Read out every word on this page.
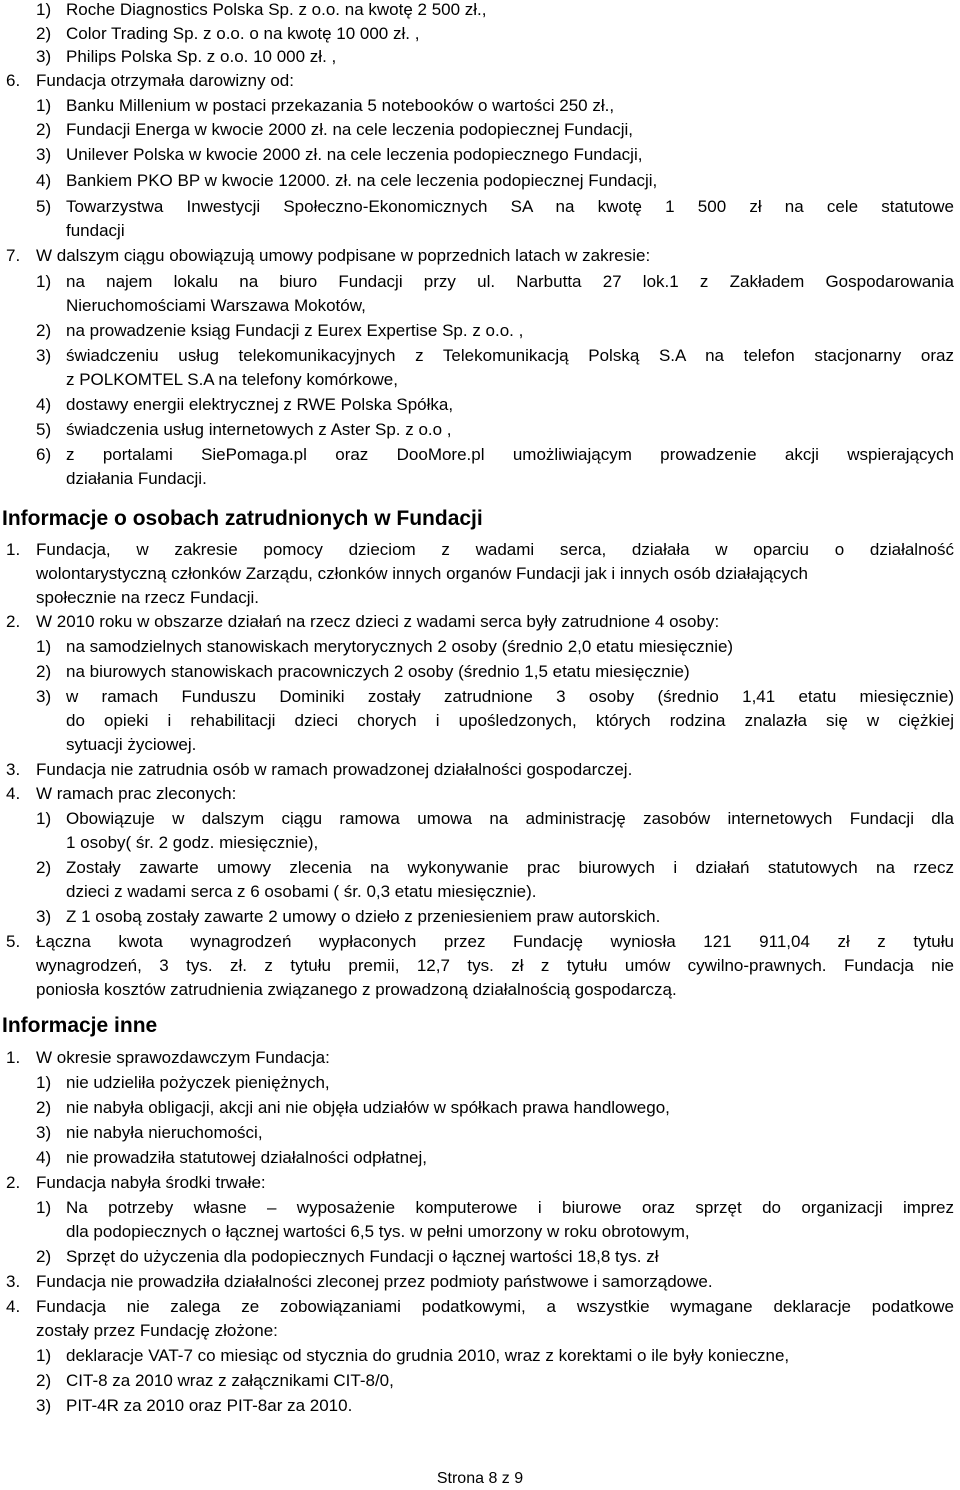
1) Roche Diagnostics Polska Sp. z o.o. na kwotę 2 500 zł.,
2) Color Trading Sp. z o.o. o na kwotę 10 000 zł. ,
3) Philips Polska Sp. z o.o. 10 000 zł. ,
6. Fundacja otrzymała darowizny od:
1) Banku Millenium w postaci przekazania 5 notebooków o wartości 250 zł.,
2) Fundacji Energa w kwocie 2000 zł. na cele leczenia podopiecznej Fundacji,
3) Unilever Polska w kwocie 2000 zł. na cele leczenia podopiecznego Fundacji,
4) Bankiem PKO BP w kwocie 12000. zł. na cele leczenia podopiecznej Fundacji,
5) Towarzystwa Inwestycji Społeczno-Ekonomicznych SA na kwotę 1 500 zł na cele statutowe
fundacji
7. W dalszym ciągu obowiązują umowy podpisane w poprzednich latach w zakresie:
1) na najem lokalu na biuro Fundacji przy ul. Narbutta 27 lok.1 z Zakładem Gospodarowania
Nieruchomościami Warszawa Mokotów,
2) na prowadzenie ksiąg Fundacji z Eurex Expertise Sp. z o.o. ,
3) świadczeniu usług telekomunikacyjnych z Telekomunikacją Polską S.A na telefon stacjonarny oraz
z POLKOMTEL S.A na telefony komórkowe,
4) dostawy energii elektrycznej z RWE Polska Spółka,
5) świadczenia usług internetowych z Aster Sp. z o.o ,
6) z portalami SiePomaga.pl oraz DooMore.pl umożliwiającym prowadzenie akcji wspierających
działania Fundacji.
Informacje o osobach zatrudnionych w Fundacji
1. Fundacja, w zakresie pomocy dzieciom z wadami serca, działała w oparciu o działalność
wolontarystyczną członków Zarządu, członków innych organów Fundacji jak i innych osób działających
społecznie na rzecz Fundacji.
2. W 2010 roku w obszarze działań na rzecz dzieci z wadami serca były zatrudnione 4 osoby:
1) na samodzielnych stanowiskach merytorycznych 2 osoby (średnio 2,0 etatu miesięcznie)
2) na biurowych stanowiskach pracowniczych 2 osoby (średnio 1,5 etatu miesięcznie)
3) w ramach Funduszu Dominiki zostały zatrudnione 3 osoby (średnio 1,41 etatu miesięcznie)
do opieki i rehabilitacji dzieci chorych i upośledzonych, których rodzina znalazła się w ciężkiej
sytuacji życiowej.
3. Fundacja nie zatrudnia osób w ramach prowadzonej działalności gospodarczej.
4. W ramach prac zleconych:
1) Obowiązuje w dalszym ciągu ramowa umowa na administrację zasobów internetowych Fundacji dla
1 osoby( śr. 2 godz. miesięcznie),
2) Zostały zawarte umowy zlecenia na wykonywanie prac biurowych i działań statutowych na rzecz
dzieci z wadami serca z 6 osobami ( śr. 0,3 etatu miesięcznie).
3) Z 1 osobą zostały zawarte 2 umowy o dzieło z przeniesieniem praw autorskich.
5. Łączna kwota wynagrodzeń wypłaconych przez Fundację wyniosła 121 911,04 zł z tytułu
wynagrodzeń, 3 tys. zł. z tytułu premii, 12,7 tys. zł z tytułu umów cywilno-prawnych. Fundacja nie
poniosła kosztów zatrudnienia związanego z prowadzoną działalnością gospodarczą.
Informacje inne
1. W okresie sprawozdawczym Fundacja:
1) nie udzieliła pożyczek pieniężnych,
2) nie nabyła obligacji, akcji ani nie objęła udziałów w spółkach prawa handlowego,
3) nie nabyła nieruchomości,
4) nie prowadziła statutowej działalności odpłatnej,
2. Fundacja nabyła środki trwałe:
1) Na potrzeby własne – wyposażenie komputerowe i biurowe oraz sprzęt do organizacji imprez
dla podopiecznych o łącznej wartości 6,5 tys. w pełni umorzony w roku obrotowym,
2) Sprzęt do użyczenia dla podopiecznych Fundacji o łącznej wartości 18,8 tys. zł
3. Fundacja nie prowadziła działalności zleconej przez podmioty państwowe i samorządowe.
4. Fundacja nie zalega ze zobowiązaniami podatkowymi, a wszystkie wymagane deklaracje podatkowe
zostały przez Fundację złożone:
1) deklaracje VAT-7 co miesiąc od stycznia do grudnia 2010, wraz z korektami o ile były konieczne,
2) CIT-8 za 2010 wraz z załącznikami CIT-8/0,
3) PIT-4R za 2010 oraz PIT-8ar za 2010.
Strona 8 z 9
